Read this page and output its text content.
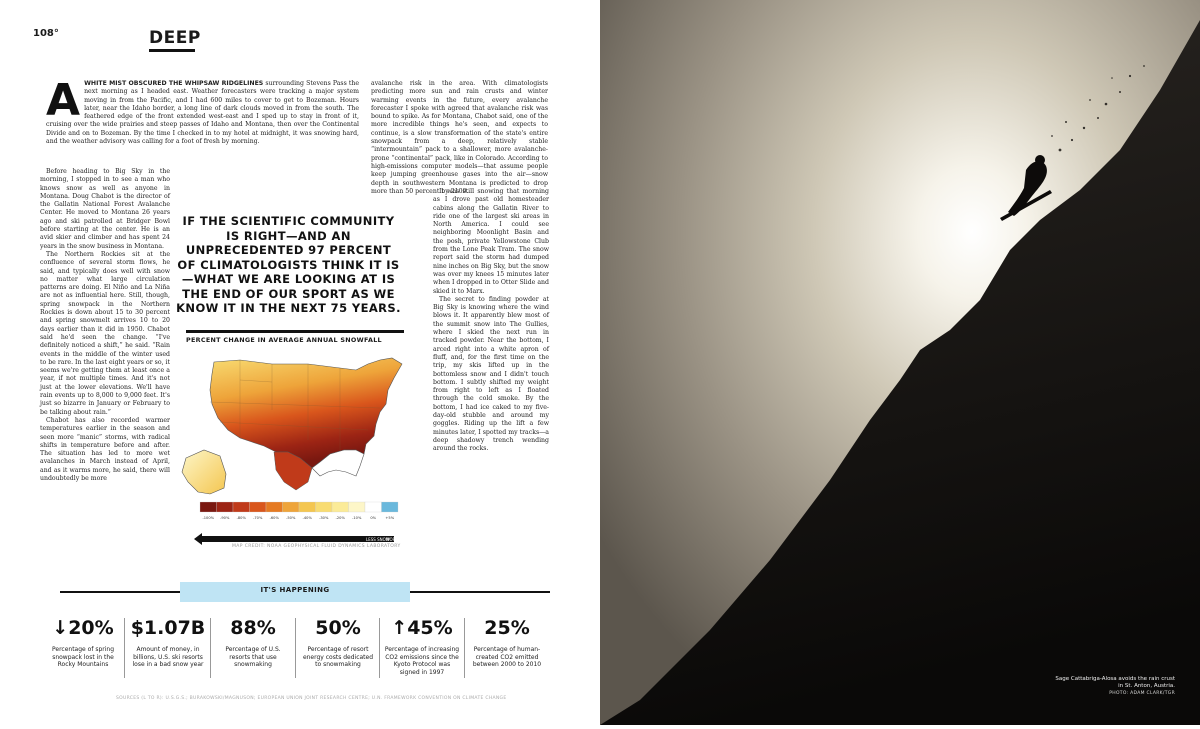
108°	DEEP
A WHITE MIST OBSCURED THE WHIPSAW RIDGELINES surrounding Stevens Pass the next morning as I headed east. Weather forecasters were tracking a major system moving in from the Pacific, and I had 600 miles to cover to get to Bozeman. Hours later, near the Idaho border, a long line of dark clouds moved in from the south. The feathered edge of the front extended west-east and I sped up to stay in front of it, cruising over the wide prairies and steep passes of Idaho and Montana, then over the Continental Divide and on to Bozeman. By the time I checked in to my hotel at midnight, it was snowing hard, and the weather advisory was calling for a foot of fresh by morning.

Before heading to Big Sky in the morning, I stopped in to see a man who knows snow as well as anyone in Montana. Doug Chabot is the director of the Gallatin National Forest Avalanche Center. He moved to Montana 26 years ago and ski patrolled at Bridger Bowl before starting at the center. He is an avid skier and climber and has spent 24 years in the snow business in Montana.

The Northern Rockies sit at the confluence of several storm flows, he said, and typically does well with snow no matter what large circulation patterns are doing. El Niño and La Niña are not as influential here. Still, though, spring snowpack in the Northern Rockies is down about 15 to 30 percent and spring snowmelt arrives 10 to 20 days earlier than it did in 1950. Chabot said he'd seen the change. “I've definitely noticed a shift,” he said. “Rain events in the middle of the winter used to be rare. In the last eight years or so, it seems we're getting them at least once a year, if not multiple times. And it's not just at the lower elevations. We'll have rain events up to 8,000 to 9,000 feet. It's just so bizarre in January or February to be talking about rain.”

Chabot has also recorded warmer temperatures earlier in the season and seen more “manic” storms, with radical shifts in temperature before and after. The situation has led to more wet avalanches in March instead of April, and as it warms more, he said, there will undoubtedly be more

avalanche risk in the area. With climatologists predicting more sun and rain crusts and winter warming events in the future, every avalanche forecaster I spoke with agreed that avalanche risk was bound to spike. As for Montana, Chabot said, one of the more incredible things he's seen, and expects to continue, is a slow transformation of the state's entire snowpack from a deep, relatively stable “intermountain” pack to a shallower, more avalanche-prone “continental” pack, like in Colorado. According to high-emissions computer models—that assume people keep jumping greenhouse gases into the air—snow depth in southwestern Montana is predicted to drop more than 50 percent by 2100.

It was still snowing that morning as I drove past old homesteader cabins along the Gallatin River to ride one of the largest ski areas in North America. I could see neighboring Moonlight Basin and the posh, private Yellowstone Club from the Lone Peak Tram. The snow report said the storm had dumped nine inches on Big Sky, but the snow was over my knees 15 minutes later when I dropped in to Otter Slide and skied it to Marx.

The secret to finding powder at Big Sky is knowing where the wind blows it. It apparently blew most of the summit snow into The Gullies, where I skied the next run in tracked powder. Near the bottom, I arced right into a white apron of fluff, and, for the first time on the trip, my skis lifted up in the bottomless snow and I didn't touch bottom. I subtly shifted my weight from right to left as I floated through the cold smoke. By the bottom, I had ice caked to my five-day-old stubble and around my goggles. Riding up the lift a few minutes later, I spotted my tracks—a deep shadowy trench wending around the rocks.

IF THE SCIENTIFIC COMMUNITY IS RIGHT—AND AN UNPRECEDENTED 97 PERCENT OF CLIMATOLOGISTS THINK IT IS—WHAT WE ARE LOOKING AT IS THE END OF OUR SPORT AS WE KNOW IT IN THE NEXT 75 YEARS.
PERCENT CHANGE IN AVERAGE ANNUAL SNOWFALL
-100% -90% -80% -70% -60% -50% -40% -30% -20% -10%	0%	+5%
LESS SNOW
MORE SNOW
MAP CREDIT: NOAA GEOPHYSICAL FLUID DYNAMICS LABORATORY
IT'S HAPPENING
↓20%
Percentage of spring snowpack lost in the Rocky Mountains
$1.07B
Amount of money, in billions, U.S. ski resorts lose in a bad snow year
88%
Percentage of U.S. resorts that use snowmaking
50%
Percentage of resort energy costs dedicated to snowmaking
↑45%
Percentage of increasing CO2 emissions since the Kyoto Protocol was signed in 1997
25%
Percentage of human-created CO2 emitted between 2000 to 2010
SOURCES (L TO R): U.S.G.S.; BURAKOWSKI/MAGNUSON; EUROPEAN UNION JOINT RESEARCH CENTRE; U.N. FRAMEWORK CONVENTION ON CLIMATE CHANGE
Sage Cattabriga-Alosa avoids the rain crust in St. Anton, Austria.
PHOTO: ADAM CLARK/TGR
